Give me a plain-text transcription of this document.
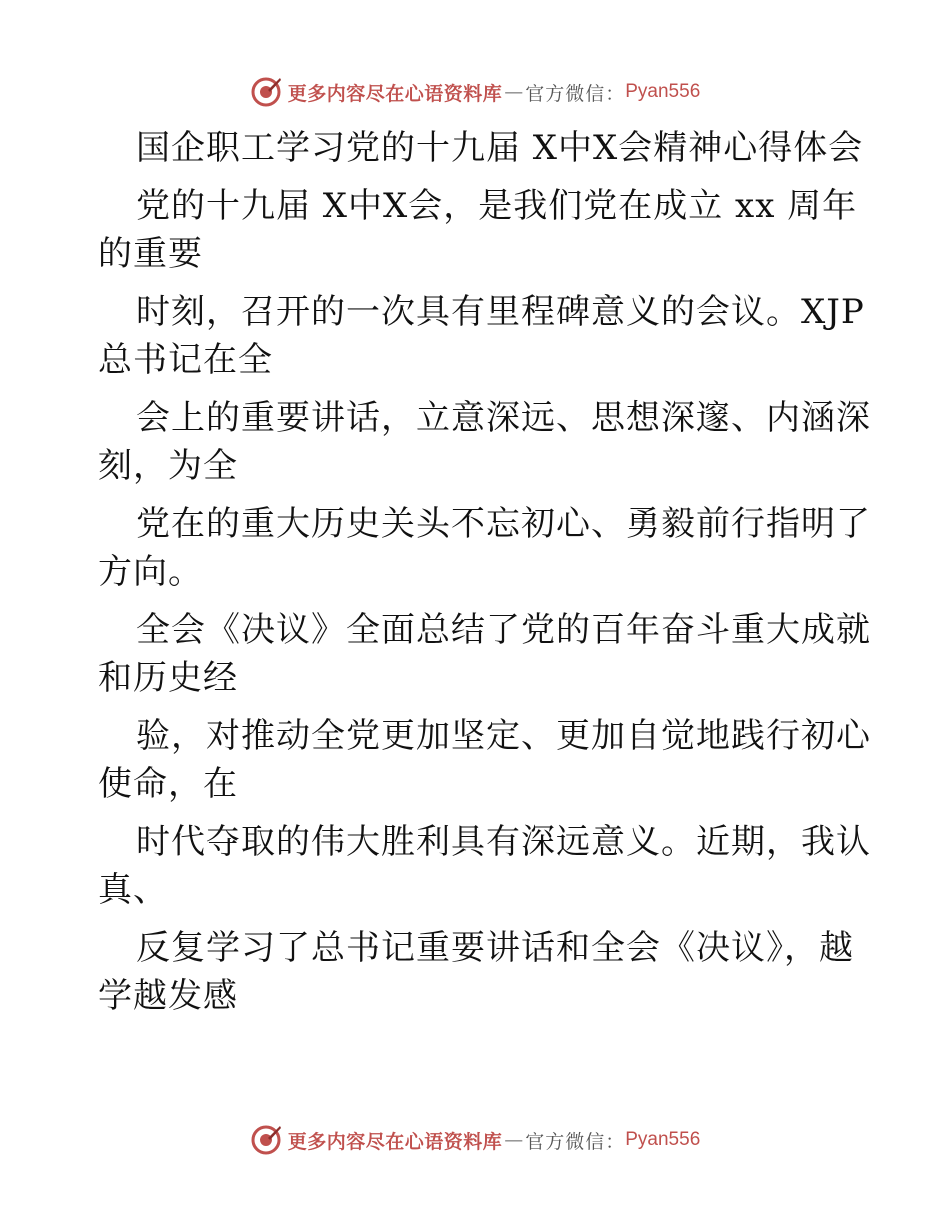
更多内容尽在心语资料库 — 官方微信： Pyan556
国企职工学习党的十九届 X中X会精神心得体会
党的十九届 X中X会，是我们党在成立 xx 周年
的重要
时刻，召开的一次具有里程碑意义的会议。XJP
总书记在全
会上的重要讲话，立意深远、思想深邃、内涵深
刻，为全
党在的重大历史关头不忘初心、勇毅前行指明了
方向。
全会《决议》全面总结了党的百年奋斗重大成就
和历史经
验，对推动全党更加坚定、更加自觉地践行初心
使命，在
时代夺取的伟大胜利具有深远意义。近期，我认
真、
反复学习了总书记重要讲话和全会《决议》，越
学越发感
更多内容尽在心语资料库 — 官方微信： Pyan556
